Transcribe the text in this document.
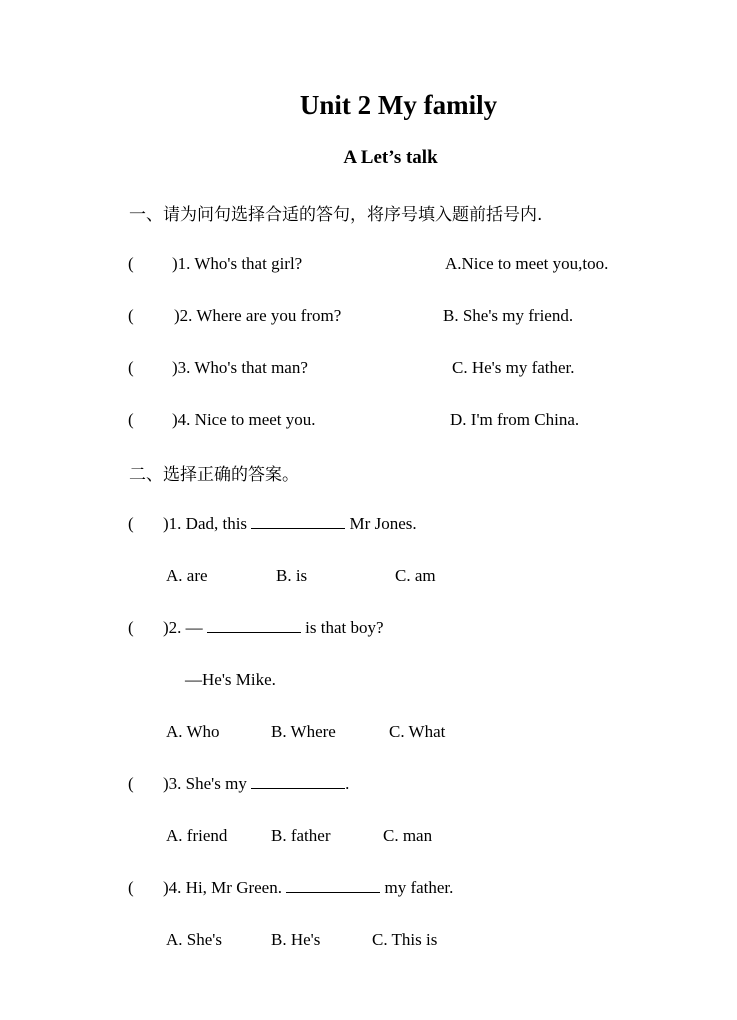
Unit 2 My family
A Let’s talk
一、请为问句选择合适的答句，将序号填入题前括号内.
( )1. Who's that girl?	A.Nice to meet you,too.
( )2. Where are you from?	B. She's my friend.
( )3. Who's that man?	C. He's my father.
( )4. Nice to meet you.	D. I'm from China.
二、选择正确的答案。
( )1. Dad, this	Mr Jones.
A. are	B. is	C. am
( )2. —	is that boy?
—He's Mike.
A. Who	B. Where	C. What
( )3. She's my	.
A. friend	B. father	C. man
( )4. Hi, Mr Green.	my father.
A. She's	B. He's	C. This is
